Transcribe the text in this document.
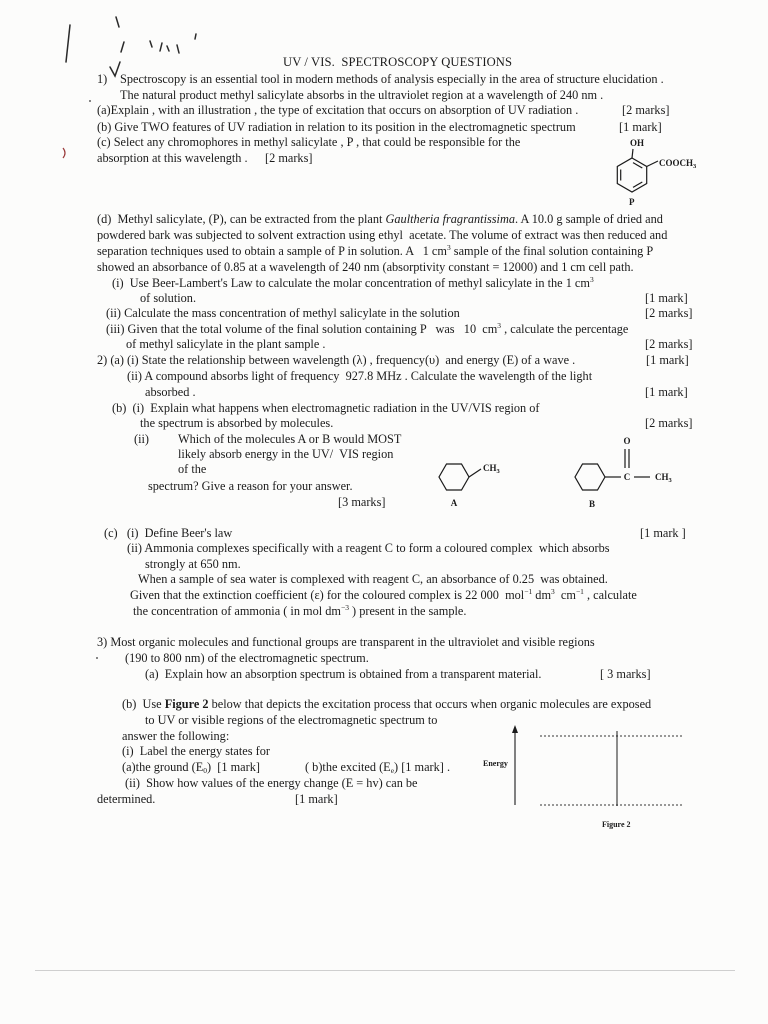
UV / VIS.  SPECTROSCOPY QUESTIONS
1) Spectroscopy is an essential tool in modern methods of analysis especially in the area of structure elucidation .
The natural product methyl salicylate absorbs in the ultraviolet region at a wavelength of 240 nm .
(a)Explain , with an illustration , the type of excitation that occurs on absorption of UV radiation .	[2 marks]
(b) Give TWO features of UV radiation in relation to its position in the electromagnetic spectrum	[1 mark]
(c) Select any chromophores in methyl salicylate , P , that could be responsible for the
absorption at this wavelength . [2 marks]
OH
$COOCH_3$
P
(d)  Methyl salicylate, (P), can be extracted from the plant Gaultheria fragrantissima. A 10.0 g sample of dried and
powdered bark was subjected to solvent extraction using ethyl  acetate. The volume of extract was then reduced and
separation techniques used to obtain a sample of P in solution. A   1 $cm^3$ sample of the final solution containing P
showed an absorbance of 0.85 at a wavelength of 240 nm (absorptivity constant = 12000) and 1 cm cell path.
(i)  Use Beer-Lambert's Law to calculate the molar concentration of methyl salicylate in the 1 $cm^3$
of solution.	[1 mark]
(ii) Calculate the mass concentration of methyl salicylate in the solution	[2 marks]
(iii) Given that the total volume of the final solution containing P   was   10  $cm^3$ , calculate the percentage
of methyl salicylate in the plant sample .	[2 marks]
2) (a) (i) State the relationship between wavelength (λ) , frequency(υ)  and energy (E) of a wave .	[1 mark]
(ii) A compound absorbs light of frequency  927.8 MHz . Calculate the wavelength of the light
absorbed .	[1 mark]
(b)  (i)  Explain what happens when electromagnetic radiation in the UV/VIS region of
the spectrum is absorbed by molecules.	[2 marks]
(ii) Which of the molecules A or B would MOST
likely absorb energy in the UV/  VIS region
of the
spectrum? Give a reason for your answer.
[3 marks]
$CH_3$
A
O
C	$CH_3$
B
(c)   (i)  Define Beer's law	[1 mark ]
(ii) Ammonia complexes specifically with a reagent C to form a coloured complex  which absorbs
strongly at 650 nm.
When a sample of sea water is complexed with reagent C, an absorbance of 0.25  was obtained.
Given that the extinction coefficient (ε) for the coloured complex is 22 000  mol$^{-1}$ $dm^3$  $cm^{-1}$ , calculate
the concentration of ammonia ( in mol $dm^{-3}$ ) present in the sample.
3) Most organic molecules and functional groups are transparent in the ultraviolet and visible regions
(190 to 800 nm) of the electromagnetic spectrum.
(a)  Explain how an absorption spectrum is obtained from a transparent material.	[ 3 marks]
(b)  Use Figure 2 below that depicts the excitation process that occurs when organic molecules are exposed
to UV or visible regions of the electromagnetic spectrum to
answer the following:
(i)  Label the energy states for
(a)the ground (E0)  [1 mark]	( b)the excited (Ee) [1 mark] .
(ii)  Show how values of the energy change (E = hv) can be
determined.	[1 mark]
Energy
Figure 2
